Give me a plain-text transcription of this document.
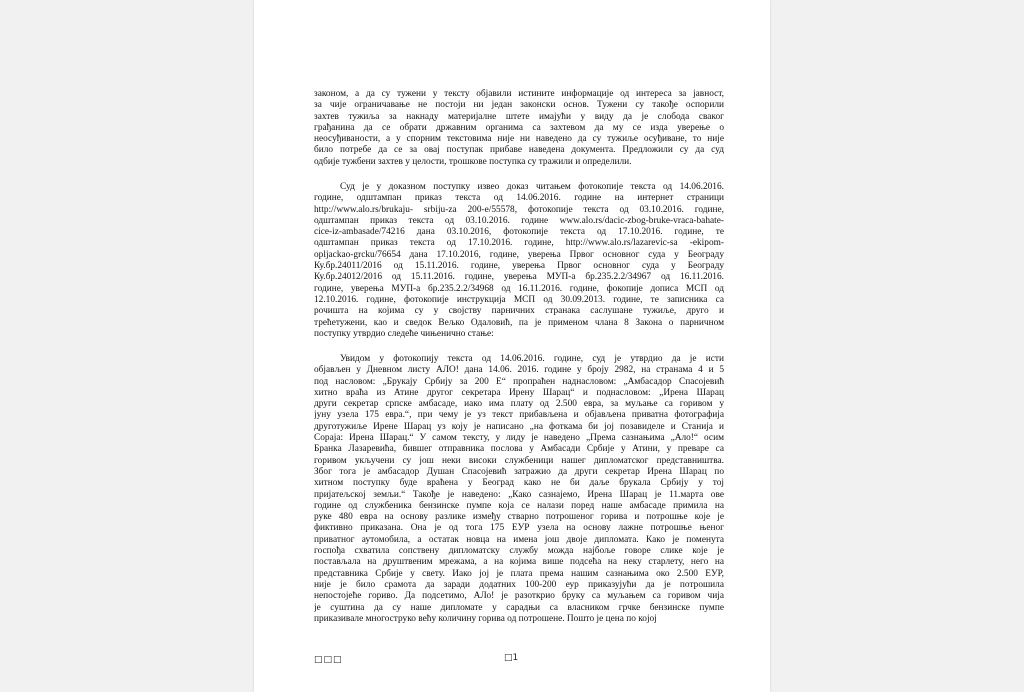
законом, а да су тужени у тексту објавили истините информације од интереса за јавност,
за чије ограничавање не постоји ни један законски основ. Тужени су такође оспорили
захтев тужиља за накнаду материјалне штете имајући у виду да је слобода сваког
грађанина да се обрати државним органима са захтевом да му се изда уверење о
неосуђиваности, а у спорним текстовима није ни наведено да су тужиље осуђиване, то није
било потребе да се за овај поступак прибаве наведена документа. Предложили су да суд
одбије тужбени захтев у целости, трошкове поступка су тражили и определили.
Суд је у доказном поступку извео доказ читањем фотокопије текста од 14.06.2016.
године, одштампан приказ текста од 14.06.2016. године на интернет страници
http://www.alo.rs/brukaju- srbiju-za 200-e/55578, фотокопије текста од 03.10.2016. године,
одштампан приказ текста од 03.10.2016. године www.alo.rs/dacic-zbog-bruke-vraca-bahate-
cice-iz-ambasade/74216 дана 03.10.2016, фотокопије текста од 17.10.2016. године, те
одштампан приказ текста од 17.10.2016. године, http://www.alo.rs/lazarevic-sa -ekipom-
opljackao-grcku/76654 дана 17.10.2016, године, уверења Првог основног суда у Београду
Ку.бр.24011/2016 од 15.11.2016. године, уверења Првог основног суда у Београду
Ку.бр.24012/2016 од 15.11.2016. године, уверења МУП-а бр.235.2.2/34967 од 16.11.2016.
године, уверења МУП-а бр.235.2.2/34968 од 16.11.2016. године, фокопије дописа МСП од
12.10.2016. године, фотокопије инструкција МСП од 30.09.2013. године, те записника са
рочишта на којима су у својству парничних странака саслушане тужиље, друго и
трећетужени, као и сведок Вељко Одаловић, па је применом члана 8 Закона о парничном
поступку утврдио следеће чињенично стање:
Увидом у фотокопију текста од 14.06.2016. године, суд је утврдио да је исти
објављен у Дневном листу АЛО! дана 14.06. 2016. године у броју 2982, на странама 4 и 5
под насловом: „Брукају Србију за 200 Е“ пропраћен наднасловом: „Амбасадор Спасојевић
хитно враћа из Атине другог секретара Ирену Шарац“ и поднасловом: „Ирена Шарац
други секретар српске амбасаде, иако има плату од 2.500 евра, за муљање са горивом у
јуну узела 175 евра.“, при чему је уз текст прибављена и објављена приватна фотографија
друготужиље Ирене Шарац уз коју је написано „на фоткама би јој позавиделе и Станија и
Сорaja: Ирена Шарац.“ У самом тексту, у лиду је наведено „Према сазнањима „Ало!“ осим
Бранка Лазаревића, бившег отправника послова у Амбасади Србије у Атини, у преваре са
горивом укључени су још неки високи службеници нашег дипломатског представништва.
Због тога је амбасадор Душан Спасојевић затражио да други секретар Ирена Шарац по
хитном поступку буде враћена у Београд како не би даље брукала Србију у тој
пријатељској земљи.“ Такође је наведено: „Како сазнајемо, Ирена Шарац је 11.марта ове
године од службеника бензинске пумпе која се налази поред наше амбасаде примила на
руке 480 евра на основу разлике између стварно потрошеног горива и потрошње које је
фиктивно приказана. Она је од тога 175 ЕУР узела на основу лажне потрошње њеног
приватног аутомобила, а остатак новца на имена још двоје дипломата. Како је поменута
госпођа схватила сопствену дипломатску службу можда најбоље говоре слике које је
постављала на друштвеним мрежама, а на којима више подсећа на неку старлету, него на
представника Србије у свету. Иако јој је плата према нашим сазнањима око 2.500 ЕУР,
није је било срамота да заради додатних 100-200 еур приказујући да је потрошила
непостојеће гориво. Да подсетимо, АЛо! је разоткрио бруку са муљањем са горивом чија
је суштина да су наше дипломате у сарадњи са власником грчке бензинске пумпе
приказивале многоструко већу количину горива од потрошене. Пошто је цена по којој
□□□	□1
